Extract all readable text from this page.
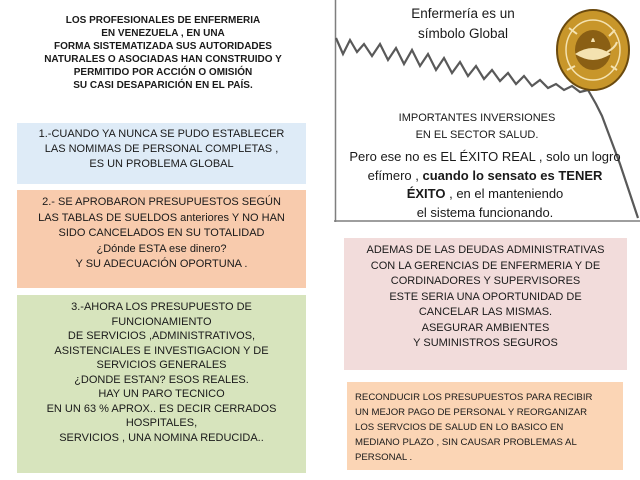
LOS PROFESIONALES DE ENFERMERIA
EN VENEZUELA , EN UNA
FORMA SISTEMATIZADA SUS AUTORIDADES
NATURALES O ASOCIADAS HAN CONSTRUIDO Y
PERMITIDO POR ACCIÓN O OMISIÓN
SU CASI DESAPARICIÓN EN EL PAÍS.
1.-CUANDO YA NUNCA SE PUDO ESTABLECER
LAS NOMIMAS DE PERSONAL COMPLETAS ,
ES UN PROBLEMA GLOBAL
2.- SE APROBARON PRESUPUESTOS SEGÚN
LAS TABLAS DE SUELDOS anteriores Y NO HAN
SIDO CANCELADOS EN SU TOTALIDAD
¿Dónde ESTA ese dinero?
Y SU ADECUACIÓN OPORTUNA .
3.-AHORA LOS PRESUPUESTO DE
FUNCIONAMIENTO
DE SERVICIOS ,ADMINISTRATIVOS,
ASISTENCIALES E INVESTIGACION Y DE
SERVICIOS GENERALES
¿DONDE ESTAN? ESOS REALES.
HAY UN PARO TECNICO
EN UN 63 % APROX.. ES DECIR CERRADOS
HOSPITALES,
SERVICIOS , UNA NOMINA REDUCIDA..
Enfermería es un
símbolo Global
IMPORTANTES INVERSIONES
EN EL SECTOR SALUD.
Pero ese no es EL ÉXITO REAL , solo un logro
efímero , cuando lo sensato es TENER
ÉXITO , en el manteniendo
el sistema funcionando.
ADEMAS DE LAS DEUDAS ADMINISTRATIVAS
CON LA GERENCIAS DE ENFERMERIA Y DE
CORDINADORES Y SUPERVISORES
ESTE SERIA UNA OPORTUNIDAD DE
CANCELAR LAS MISMAS.
ASEGURAR AMBIENTES
Y SUMINISTROS SEGUROS
RECONDUCIR LOS PRESUPUESTOS PARA RECIBIR
UN MEJOR PAGO DE PERSONAL Y REORGANIZAR
LOS SERVCIOS DE SALUD EN LO BASICO EN
MEDIANO PLAZO , SIN CAUSAR PROBLEMAS AL
PERSONAL .
